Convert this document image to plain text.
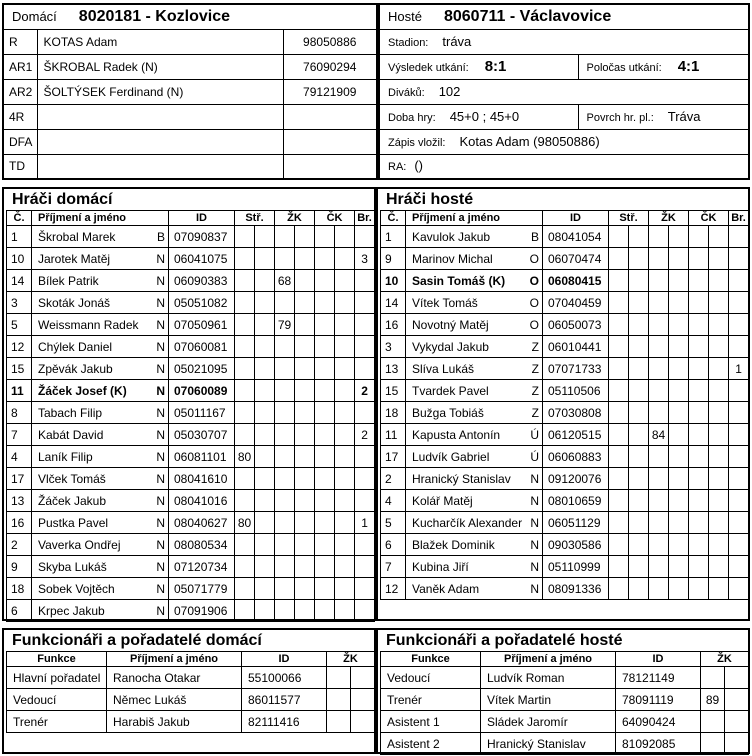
Domácí 8020181 - Kozlovice		
R	KOTAS Adam	98050886
AR1	ŠKROBAL Radek (N)	76090294
AR2	ŠOLTÝSEK Ferdinand (N)	79121909
4R		
DFA		
TD		
Hosté 8060711 - Václavovice	
Stadion: tráva	
Výsledek utkání: 8:1	Poločas utkání: 4:1
Diváků: 102	
Doba hry: 45+0 ; 45+0	Povrch hr. pl.: Tráva
Zápis vložil: Kotas Adam (98050886)	
RA: ()	
Hráči domácí
Č.	Příjmení a jméno	ID	Stř.		ŽK		ČK		Br.
1	Škrobal Marek B	07090837							
10	Jarotek Matěj N	06041075							3
14	Bílek Patrik N	06090383			68				
3	Skoták Jonáš N	05051082							
5	Weissmann Radek N	07050961			79				
12	Chýlek Daniel N	07060081							
15	Zpěvák Jakub N	05021095							
11	Žáček Josef (K) N	07060089							2
8	Tabach Filip N	05011167							
7	Kabát David N	05030707							2
4	Laník Filip N	06081101	80						
17	Vlček Tomáš N	08041610							
13	Žáček Jakub N	08041016							
16	Pustka Pavel N	08040627	80						1
2	Vaverka Ondřej N	08080534							
9	Skyba Lukáš N	07120734							
18	Sobek Vojtěch N	05071779							
6	Krpec Jakub N	07091906							
Hráči hosté
Č.	Příjmení a jméno	ID	Stř.		ŽK		ČK		Br.
1	Kavulok Jakub B	08041054							
9	Marinov Michal O	06070474							
10	Sasin Tomáš (K) O	06080415							
14	Vítek Tomáš O	07040459							
16	Novotný Matěj O	06050073							
3	Vykydal Jakub Z	06010441							
13	Slíva Lukáš Z	07071733							1
15	Tvardek Pavel Z	05110506							
18	Bužga Tobiáš Z	07030808							
11	Kapusta Antonín Ú	06120515			84				
17	Ludvík Gabriel Ú	06060883							
2	Hranický Stanislav N	09120076							
4	Kolář Matěj N	08010659							
5	Kucharčík Alexander N	06051129							
6	Blažek Dominik N	09030586							
7	Kubina Jiří N	05110999							
12	Vaněk Adam N	08091336							
Funkcionáři a pořadatelé domácí
Funkce	Příjmení a jméno	ID	ŽK	
Hlavní pořadatel	Ranocha Otakar	55100066		
Vedoucí	Němec Lukáš	86011577		
Trenér	Harabiš Jakub	82111416		
Funkcionáři a pořadatelé hosté
Funkce	Příjmení a jméno	ID	ŽK	
Vedoucí	Ludvík Roman	78121149		
Trenér	Vítek Martin	78091119	89	
Asistent 1	Sládek Jaromír	64090424		
Asistent 2	Hranický Stanislav	81092085		
